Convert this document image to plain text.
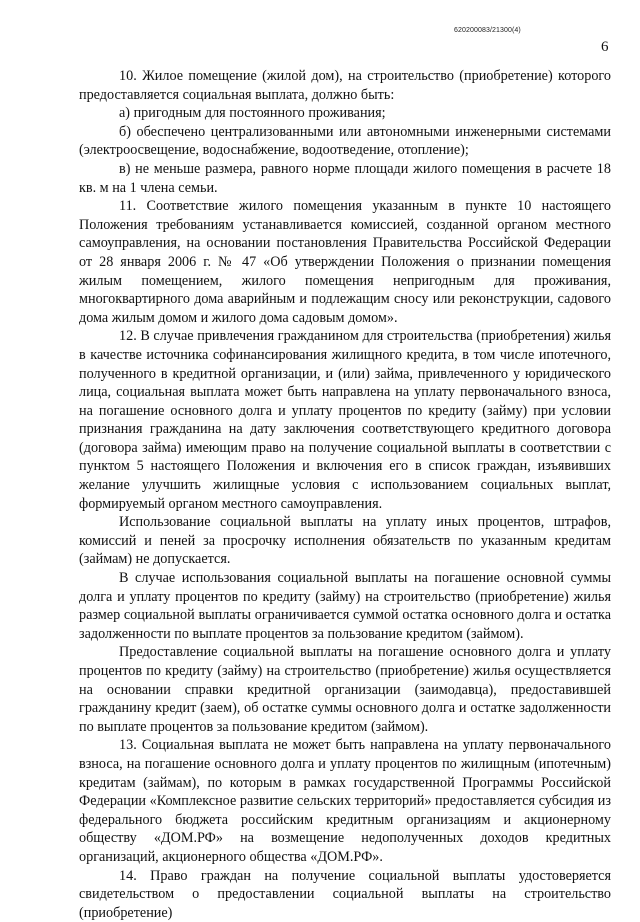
620200083/21300(4)
6

10. Жилое помещение (жилой дом), на строительство (приобретение) которого предоставляется социальная выплата, должно быть:

а) пригодным для постоянного проживания;

б) обеспечено централизованными или автономными инженерными системами (электроосвещение, водоснабжение, водоотведение, отопление);

в) не меньше размера, равного норме площади жилого помещения в расчете 18 кв. м на 1 члена семьи.

11. Соответствие жилого помещения указанным в пункте 10 настоящего Положения требованиям устанавливается комиссией, созданной органом местного самоуправления, на основании постановления Правительства Российской Федерации от 28 января 2006 г. № 47 «Об утверждении Положения о признании помещения жилым помещением, жилого помещения непригодным для проживания, многоквартирного дома аварийным и подлежащим сносу или реконструкции, садового дома жилым домом и жилого дома садовым домом».

12. В случае привлечения гражданином для строительства (приобретения) жилья в качестве источника софинансирования жилищного кредита, в том числе ипотечного, полученного в кредитной организации, и (или) займа, привлеченного у юридического лица, социальная выплата может быть направлена на уплату первоначального взноса, на погашение основного долга и уплату процентов по кредиту (займу) при условии признания гражданина на дату заключения соответствующего кредитного договора (договора займа) имеющим право на получение социальной выплаты в соответствии с пунктом 5 настоящего Положения и включения его в список граждан, изъявивших желание улучшить жилищные условия с использованием социальных выплат, формируемый органом местного самоуправления.

Использование социальной выплаты на уплату иных процентов, штрафов, комиссий и пеней за просрочку исполнения обязательств по указанным кредитам (займам) не допускается.

В случае использования социальной выплаты на погашение основной суммы долга и уплату процентов по кредиту (займу) на строительство (приобретение) жилья размер социальной выплаты ограничивается суммой остатка основного долга и остатка задолженности по выплате процентов за пользование кредитом (займом).

Предоставление социальной выплаты на погашение основного долга и уплату процентов по кредиту (займу) на строительство (приобретение) жилья осуществляется на основании справки кредитной организации (заимодавца), предоставившей гражданину кредит (заем), об остатке суммы основного долга и остатке задолженности по выплате процентов за пользование кредитом (займом).

13. Социальная выплата не может быть направлена на уплату первоначального взноса, на погашение основного долга и уплату процентов по жилищным (ипотечным) кредитам (займам), по которым в рамках государственной Программы Российской Федерации «Комплексное развитие сельских территорий» предоставляется субсидия из федерального бюджета российским кредитным организациям и акционерному обществу «ДОМ.РФ» на возмещение недополученных доходов кредитных организаций, акционерного общества «ДОМ.РФ».

14. Право граждан на получение социальной выплаты удостоверяется свидетельством о предоставлении социальной выплаты на строительство (приобретение)
